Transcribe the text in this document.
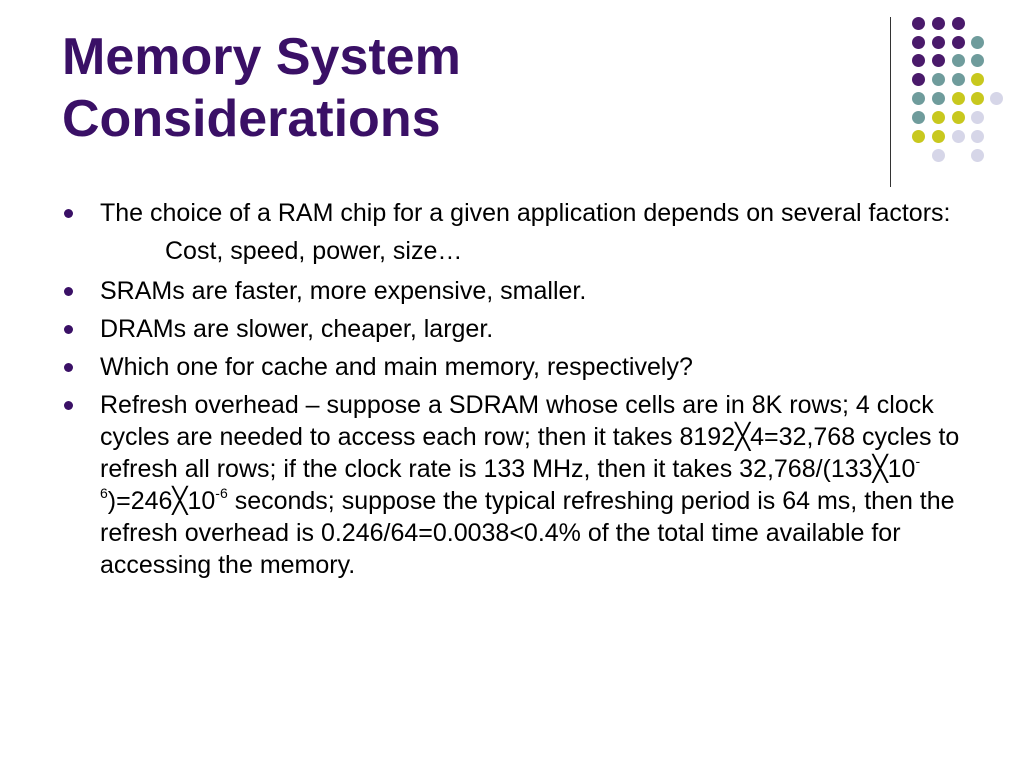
Memory System
Considerations
The choice of a RAM chip for a given application depends on several factors:
Cost, speed, power, size…
SRAMs are faster, more expensive, smaller.
DRAMs are slower, cheaper, larger.
Which one for cache and main memory, respectively?
Refresh overhead – suppose a SDRAM whose cells are in 8K rows; 4 clock cycles are needed to access each row; then it takes 8192╳4=32,768 cycles to refresh all rows; if the clock rate is 133 MHz, then it takes $32,768/(133╳10^{-6})=246╳10^{-6}$ seconds; suppose the typical refreshing period is 64 ms, then the refresh overhead is 0.246/64=0.0038<0.4% of the total time available for accessing the memory.
